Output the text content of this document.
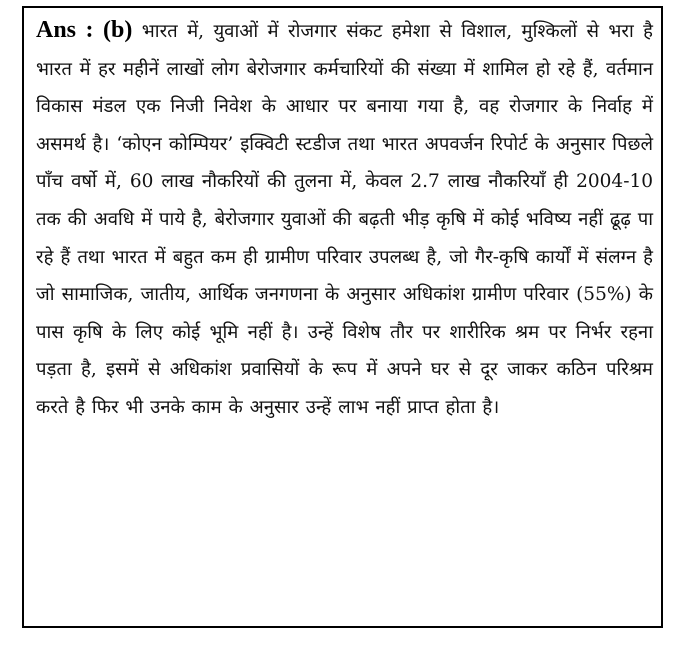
Ans : (b) भारत में, युवाओं में रोजगार संकट हमेशा से विशाल, मुश्किलों से भरा है भारत में हर महीनें लाखों लोग बेरोजगार कर्मचारियों की संख्या में शामिल हो रहे हैं, वर्तमान विकास मंडल एक निजी निवेश के आधार पर बनाया गया है, वह रोजगार के निर्वाह में असमर्थ है। ‘कोएन कोम्पियर’ इक्विटी स्टडीज तथा भारत अपवर्जन रिपोर्ट के अनुसार पिछले पाँच वर्षो में, 60 लाख नौकरियों की तुलना में, केवल 2.7 लाख नौकरियाँ ही 2004-10 तक की अवधि में पाये है, बेरोजगार युवाओं की बढ़ती भीड़ कृषि में कोई भविष्य नहीं ढूढ़ पा रहे हैं तथा भारत में बहुत कम ही ग्रामीण परिवार उपलब्ध है, जो गैर-कृषि कार्यों में संलग्न है जो सामाजिक, जातीय, आर्थिक जनगणना के अनुसार अधिकांश ग्रामीण परिवार (55%) के पास कृषि के लिए कोई भूमि नहीं है। उन्हें विशेष तौर पर शारीरिक श्रम पर निर्भर रहना पड़ता है, इसमें से अधिकांश प्रवासियों के रूप में अपने घर से दूर जाकर कठिन परिश्रम करते है फिर भी उनके काम के अनुसार उन्हें लाभ नहीं प्राप्त होता है।
